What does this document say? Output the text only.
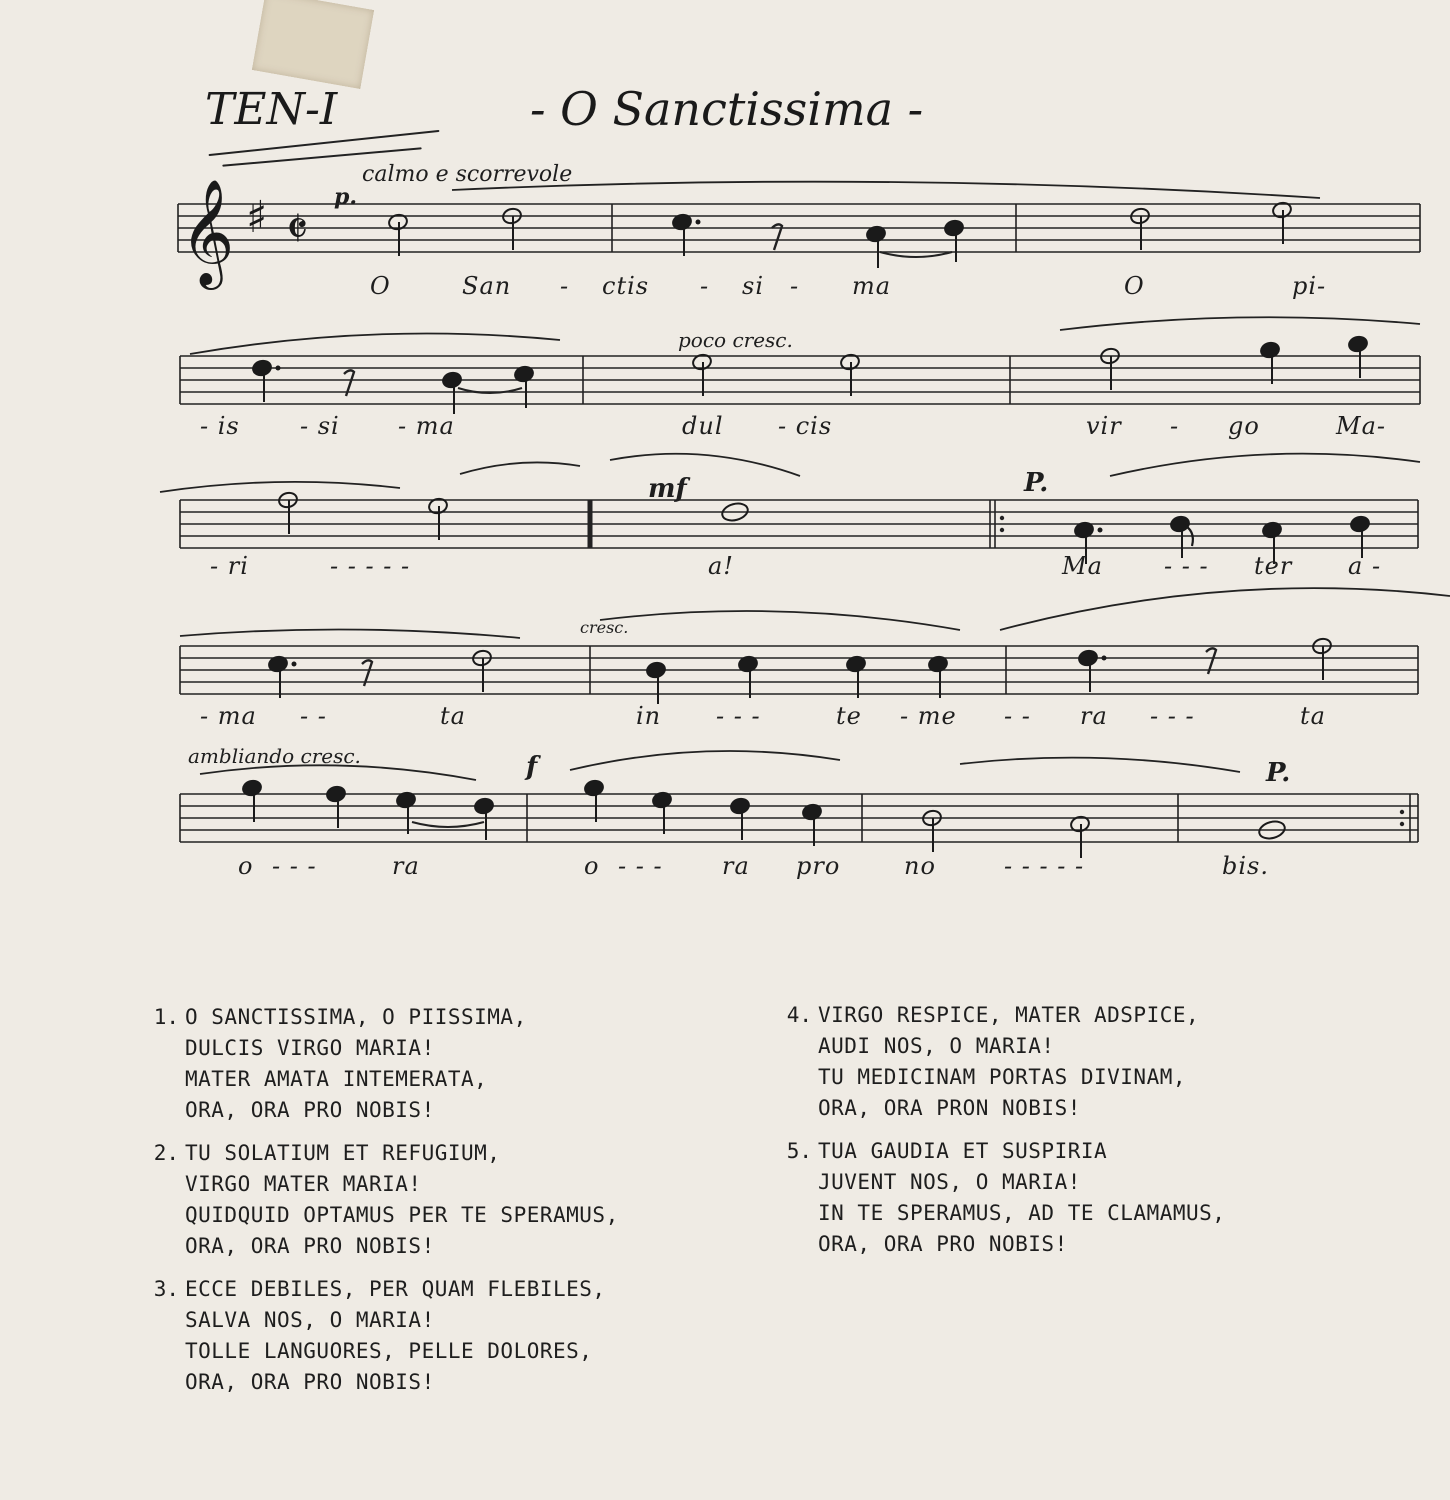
TEN-I	- O Sanctissima -
𝄞 ♯ 𝄵
calmo e scorrevole
poco cresc.
cresc.
ambliando cresc.
p.
mf	P.
f	P.
O	San - ctis - si - ma	O	pi-
- is	- si - ma	dul - cis	vir - go	Ma-
- ri	- - - - -	a!	Ma	- - - ter a -
- ma - -	ta	in - - -	te - me - - ra - - -	ta
o - - -	ra	o - - - ra pro	no	- - - - -	bis.
1. O SANCTISSIMA, O PIISSIMA,
DULCIS VIRGO MARIA!
MATER AMATA INTEMERATA,
ORA, ORA PRO NOBIS!
2. TU SOLATIUM ET REFUGIUM,
VIRGO MATER MARIA!
QUIDQUID OPTAMUS PER TE SPERAMUS,
ORA, ORA PRO NOBIS!
3. ECCE DEBILES, PER QUAM FLEBILES,
SALVA NOS, O MARIA!
TOLLE LANGUORES, PELLE DOLORES,
ORA, ORA PRO NOBIS!
4. VIRGO RESPICE, MATER ADSPICE,
AUDI NOS, O MARIA!
TU MEDICINAM PORTAS DIVINAM,
ORA, ORA PRON NOBIS!
5. TUA GAUDIA ET SUSPIRIA
JUVENT NOS, O MARIA!
IN TE SPERAMUS, AD TE CLAMAMUS,
ORA, ORA PRO NOBIS!
